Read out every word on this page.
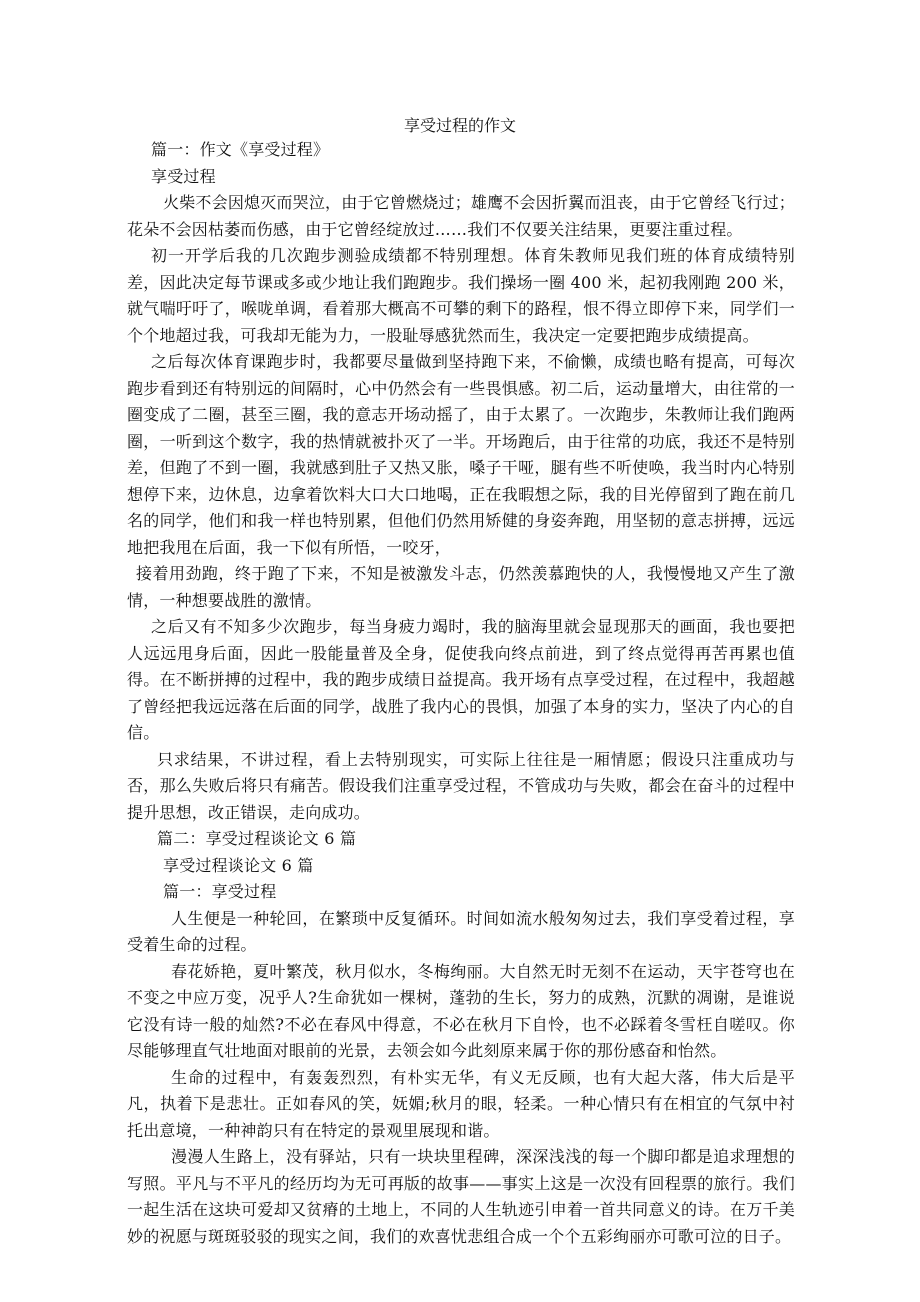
享受过程的作文

篇一：作文《享受过程》

享受过程

火柴不会因熄灭而哭泣，由于它曾燃烧过；雄鹰不会因折翼而沮丧，由于它曾经飞行过；花朵不会因枯萎而伤感，由于它曾经绽放过……我们不仅要关注结果，更要注重过程。

初一开学后我的几次跑步测验成绩都不特别理想。体育朱教师见我们班的体育成绩特别差，因此决定每节课或多或少地让我们跑跑步。我们操场一圈 400 米，起初我刚跑 200 米，就气喘吁吁了，喉咙单调，看着那大概高不可攀的剩下的路程，恨不得立即停下来，同学们一个个地超过我，可我却无能为力，一股耻辱感犹然而生，我决定一定要把跑步成绩提高。

之后每次体育课跑步时，我都要尽量做到坚持跑下来，不偷懒，成绩也略有提高，可每次跑步看到还有特别远的间隔时，心中仍然会有一些畏惧感。初二后，运动量增大，由往常的一圈变成了二圈，甚至三圈，我的意志开场动摇了，由于太累了。一次跑步，朱教师让我们跑两圈，一听到这个数字，我的热情就被扑灭了一半。开场跑后，由于往常的功底，我还不是特别差，但跑了不到一圈，我就感到肚子又热又胀，嗓子干哑，腿有些不听使唤，我当时内心特别想停下来，边休息，边拿着饮料大口大口地喝，正在我暇想之际，我的目光停留到了跑在前几名的同学，他们和我一样也特别累，但他们仍然用矫健的身姿奔跑，用坚韧的意志拼搏，远远地把我甩在后面，我一下似有所悟，一咬牙，

接着用劲跑，终于跑了下来，不知是被激发斗志，仍然羡慕跑快的人，我慢慢地又产生了激情，一种想要战胜的激情。

之后又有不知多少次跑步，每当身疲力竭时，我的脑海里就会显现那天的画面，我也要把人远远甩身后面，因此一股能量普及全身，促使我向终点前进，到了终点觉得再苦再累也值得。在不断拼搏的过程中，我的跑步成绩日益提高。我开场有点享受过程，在过程中，我超越了曾经把我远远落在后面的同学，战胜了我内心的畏惧，加强了本身的实力，坚决了内心的自信。

只求结果，不讲过程，看上去特别现实，可实际上往往是一厢情愿；假设只注重成功与否，那么失败后将只有痛苦。假设我们注重享受过程，不管成功与失败，都会在奋斗的过程中提升思想，改正错误，走向成功。

篇二：享受过程谈论文 6 篇

享受过程谈论文 6 篇

篇一：享受过程

人生便是一种轮回，在繁琐中反复循环。时间如流水般匆匆过去，我们享受着过程，享受着生命的过程。

春花娇艳，夏叶繁茂，秋月似水，冬梅绚丽。大自然无时无刻不在运动，天宇苍穹也在不变之中应万变，况乎人?生命犹如一棵树，蓬勃的生长，努力的成熟，沉默的凋谢，是谁说它没有诗一般的灿然?不必在春风中得意，不必在秋月下自怜，也不必踩着冬雪枉自嗟叹。你尽能够理直气壮地面对眼前的光景，去领会如今此刻原来属于你的那份感奋和怡然。

生命的过程中，有轰轰烈烈，有朴实无华，有义无反顾，也有大起大落，伟大后是平凡，执着下是悲壮。正如春风的笑，妩媚;秋月的眼，轻柔。一种心情只有在相宜的气氛中衬托出意境，一种神韵只有在特定的景观里展现和谐。

漫漫人生路上，没有驿站，只有一块块里程碑，深深浅浅的每一个脚印都是追求理想的写照。平凡与不平凡的经历均为无可再版的故事——事实上这是一次没有回程票的旅行。我们一起生活在这块可爱却又贫瘠的土地上，不同的人生轨迹引申着一首共同意义的诗。在万千美妙的祝愿与斑斑驳驳的现实之间，我们的欢喜忧悲组合成一个个五彩绚丽亦可歌可泣的日子。
